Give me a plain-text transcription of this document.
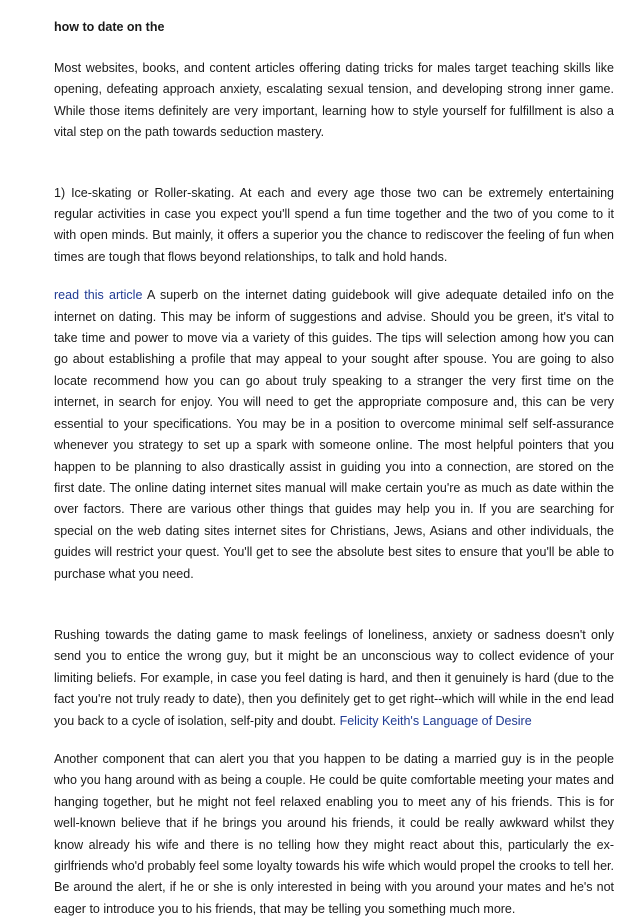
how to date on the

Most websites, books, and content articles offering dating tricks for males target teaching skills like opening, defeating approach anxiety, escalating sexual tension, and developing strong inner game. While those items definitely are very important, learning how to style yourself for fulfillment is also a vital step on the path towards seduction mastery.

1) Ice-skating or Roller-skating. At each and every age those two can be extremely entertaining regular activities in case you expect you'll spend a fun time together and the two of you come to it with open minds. But mainly, it offers a superior you the chance to rediscover the feeling of fun when times are tough that flows beyond relationships, to talk and hold hands.

read this article A superb on the internet dating guidebook will give adequate detailed info on the internet on dating. This may be inform of suggestions and advise. Should you be green, it's vital to take time and power to move via a variety of this guides. The tips will selection among how you can go about establishing a profile that may appeal to your sought after spouse. You are going to also locate recommend how you can go about truly speaking to a stranger the very first time on the internet, in search for enjoy. You will need to get the appropriate composure and, this can be very essential to your specifications. You may be in a position to overcome minimal self self-assurance whenever you strategy to set up a spark with someone online. The most helpful pointers that you happen to be planning to also drastically assist in guiding you into a connection, are stored on the first date. The online dating internet sites manual will make certain you're as much as date within the over factors. There are various other things that guides may help you in. If you are searching for special on the web dating sites internet sites for Christians, Jews, Asians and other individuals, the guides will restrict your quest. You'll get to see the absolute best sites to ensure that you'll be able to purchase what you need.

Rushing towards the dating game to mask feelings of loneliness, anxiety or sadness doesn't only send you to entice the wrong guy, but it might be an unconscious way to collect evidence of your limiting beliefs. For example, in case you feel dating is hard, and then it genuinely is hard (due to the fact you're not truly ready to date), then you definitely get to get right--which will while in the end lead you back to a cycle of isolation, self-pity and doubt. Felicity Keith's Language of Desire

Another component that can alert you that you happen to be dating a married guy is in the people who you hang around with as being a couple. He could be quite comfortable meeting your mates and hanging together, but he might not feel relaxed enabling you to meet any of his friends. This is for well-known believe that if he brings you around his friends, it could be really awkward whilst they know already his wife and there is no telling how they might react about this, particularly the ex-girlfriends who'd probably feel some loyalty towards his wife which would propel the crooks to tell her. Be around the alert, if he or she is only interested in being with you around your mates and he's not eager to introduce you to his friends, that may be telling you something much more.
